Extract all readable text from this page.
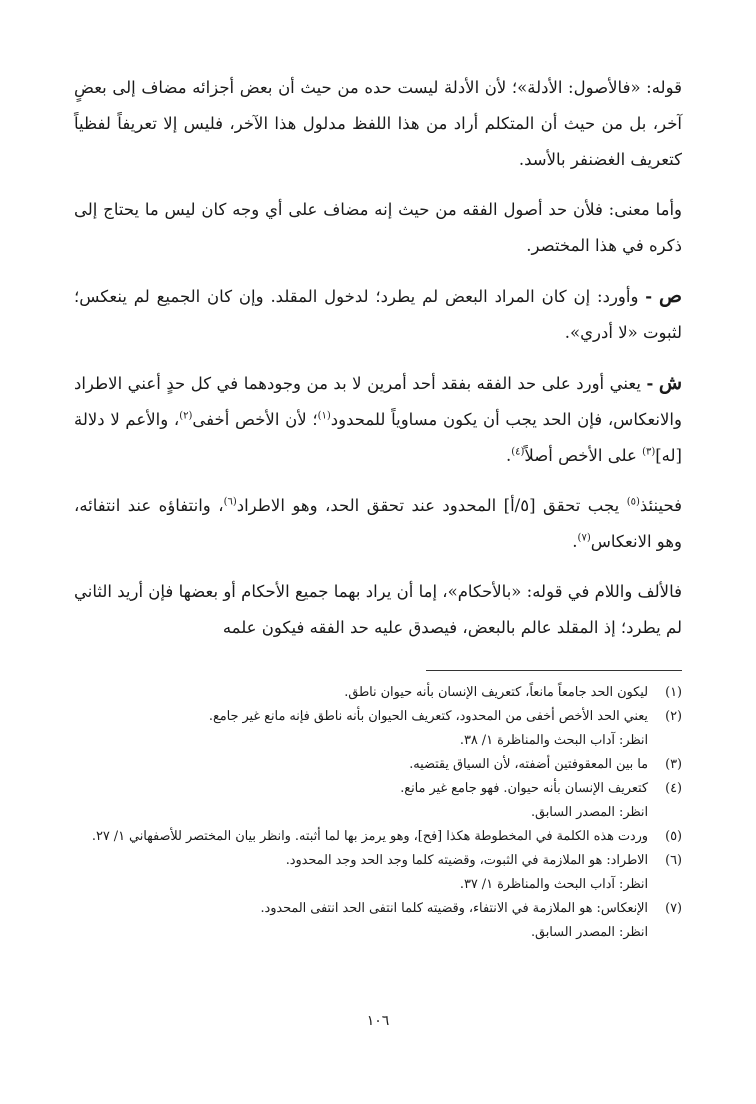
قوله: «فالأصول: الأدلة»؛ لأن الأدلة ليست حده من حيث أن بعض أجزائه مضاف إلى بعضٍ آخر، بل من حيث أن المتكلم أراد من هذا اللفظ مدلول هذا الآخر، فليس إلا تعريفاً لفظياً كتعريف الغضنفر بالأسد.

وأما معنى: فلأن حد أصول الفقه من حيث إنه مضاف على أي وجه كان ليس ما يحتاج إلى ذكره في هذا المختصر.

ص - وأورد: إن كان المراد البعض لم يطرد؛ لدخول المقلد. وإن كان الجميع لم ينعكس؛ لثبوت «لا أدري».

ش - يعني أورد على حد الفقه بفقد أحد أمرين لا بد من وجودهما في كل حدٍ أعني الاطراد والانعكاس، فإن الحد يجب أن يكون مساوياً للمحدود$^{(١)}$؛ لأن الأخص أخفى$^{(٢)}$، والأعم لا دلالة [له]$^{(٣)}$ على الأخص أصلاً$^{(٤)}$.

فحينئذ$^{(٥)}$ يجب تحقق [٥/أ] المحدود عند تحقق الحد، وهو الاطراد$^{(٦)}$، وانتفاؤه عند انتفائه، وهو الانعكاس$^{(٧)}$.

فالألف واللام في قوله: «بالأحكام»، إما أن يراد بهما جميع الأحكام أو بعضها فإن أريد الثاني لم يطرد؛ إذ المقلد عالم بالبعض، فيصدق عليه حد الفقه فيكون علمه

(١)
ليكون الحد جامعاً مانعاً، كتعريف الإنسان بأنه حيوان ناطق.
(٢)
يعني الحد الأخص أخفى من المحدود، كتعريف الحيوان بأنه ناطق فإنه مانع غير جامع.
انظر: آداب البحث والمناظرة ١/ ٣٨.
(٣)
ما بين المعقوفتين أضفته، لأن السياق يقتضيه.
(٤)
كتعريف الإنسان بأنه حيوان. فهو جامع غير مانع.
انظر: المصدر السابق.
(٥)
وردت هذه الكلمة في المخطوطة هكذا [فح]، وهو يرمز بها لما أثبته. وانظر بيان المختصر للأصفهاني ١/ ٢٧.
(٦)
الاطراد: هو الملازمة في الثبوت، وقضيته كلما وجد الحد وجد المحدود.
انظر: آداب البحث والمناظرة ١/ ٣٧.
(٧)
الإنعكاس: هو الملازمة في الانتفاء، وقضيته كلما انتفى الحد انتفى المحدود.
انظر: المصدر السابق.
١٠٦
